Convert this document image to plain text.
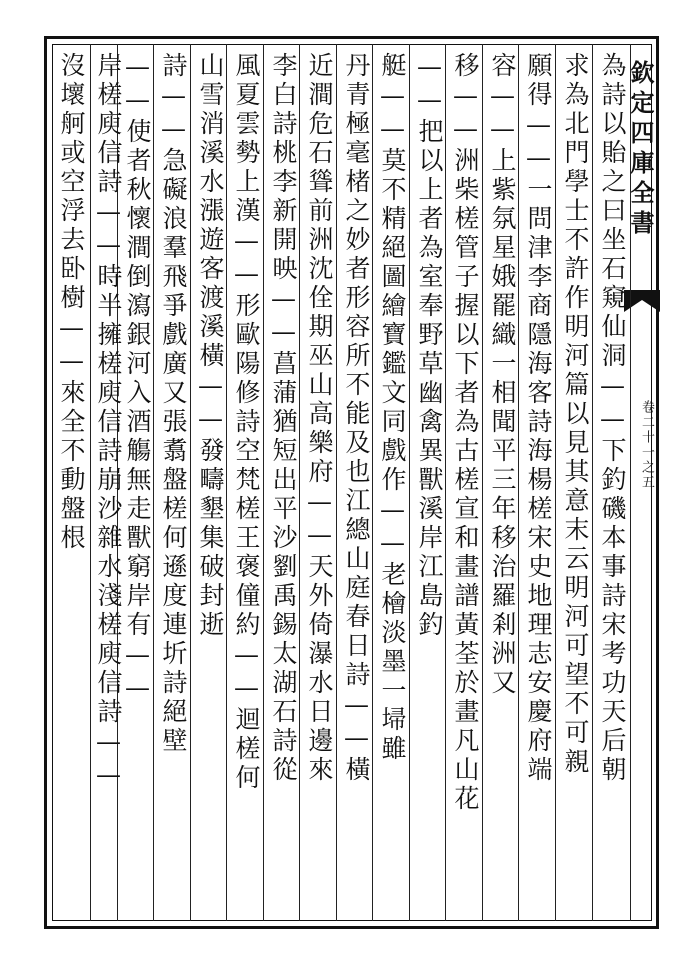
欽定四庫全書
卷二十一之五
為詩以貽之曰坐石窺仙洞——下釣磯本事詩宋考功天后朝
求為北門學士不許作明河篇以見其意末云明河可望不可親
願得——一問津李商隱海客詩海楊槎宋史地理志安慶府端
容——上紫氛星娥罷織一相聞平三年移治羅剎洲又
移——洲柴槎管子握以下者為古槎宣和畫譜黃荃於畫凡山花
——把以上者為室奉野草幽禽異獸溪岸江島釣
艇——莫不精絕圖繪寶鑑文同戲作——老檜淡墨一埽雖
丹青極毫楮之妙者形容所不能及也江總山庭春日詩——橫
近澗危石聳前洲沈佺期巫山高樂府——天外倚瀑水日邊來
李白詩桃李新開映——菖蒲猶短出平沙劉禹錫太湖石詩從
風夏雲勢上漢——形歐陽修詩空梵槎王褒僮約——迴槎何
山雪消溪水漲遊客渡溪橫——發疇墾集破封逝
詩——急礙浪羣飛爭戲廣又張翥盤槎何遜度連圻詩絕壁
——使者秋懷澗倒瀉銀河入酒觴無走獸窮岸有——
岸槎庾信詩——時半擁槎庾信詩崩沙雜水淺槎庾信詩——
沒壞舸或空浮去卧樹——來全不動盤根
